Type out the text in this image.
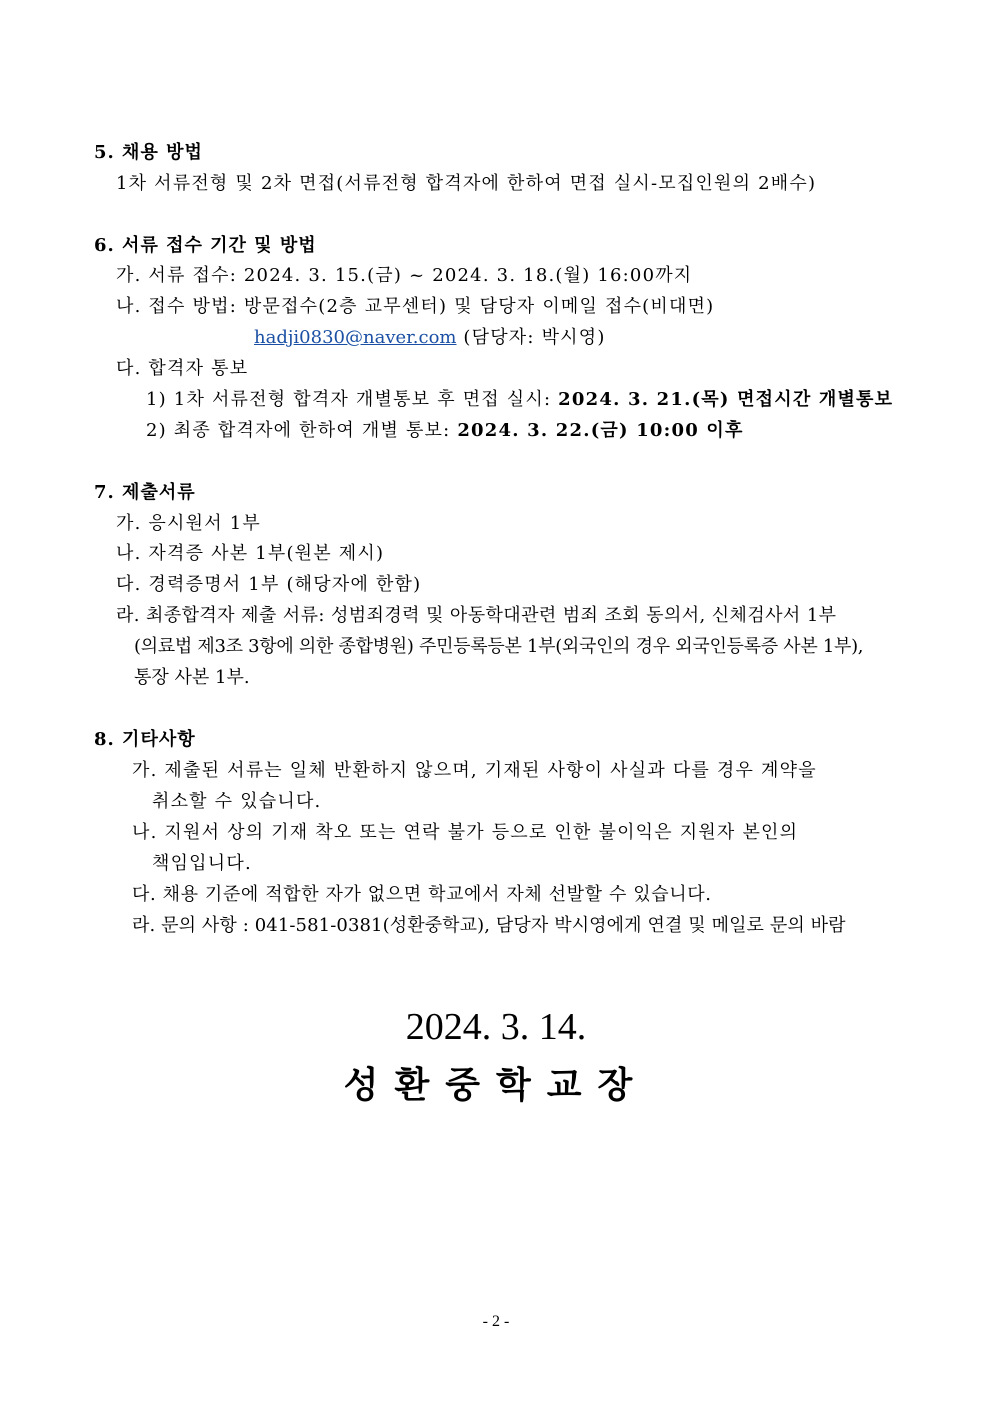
5. 채용 방법
1차 서류전형 및 2차 면접(서류전형 합격자에 한하여 면접 실시-모집인원의 2배수)
6. 서류 접수 기간 및 방법
가. 서류 접수: 2024. 3. 15.(금) ~ 2024. 3. 18.(월) 16:00까지
나. 접수 방법: 방문접수(2층 교무센터) 및 담당자 이메일 접수(비대면)
hadji0830@naver.com (담당자: 박시영)
다. 합격자 통보
1) 1차 서류전형 합격자 개별통보 후 면접 실시: 2024. 3. 21.(목) 면접시간 개별통보
2) 최종 합격자에 한하여 개별 통보: 2024. 3. 22.(금) 10:00 이후
7. 제출서류
가. 응시원서 1부
나. 자격증 사본 1부(원본 제시)
다. 경력증명서 1부 (해당자에 한함)
라. 최종합격자 제출 서류: 성범죄경력 및 아동학대관련 범죄 조회 동의서, 신체검사서 1부
(의료법 제3조 3항에 의한 종합병원) 주민등록등본 1부(외국인의 경우 외국인등록증 사본 1부),
통장 사본 1부.
8. 기타사항
가. 제출된 서류는 일체 반환하지 않으며, 기재된 사항이 사실과 다를 경우 계약을
취소할 수 있습니다.
나. 지원서 상의 기재 착오 또는 연락 불가 등으로 인한 불이익은 지원자 본인의
책임입니다.
다. 채용 기준에 적합한 자가 없으면 학교에서 자체 선발할 수 있습니다.
라. 문의 사항 : 041-581-0381(성환중학교), 담당자 박시영에게 연결 및 메일로 문의 바람
2024. 3. 14.
성환중학교장
- 2 -
